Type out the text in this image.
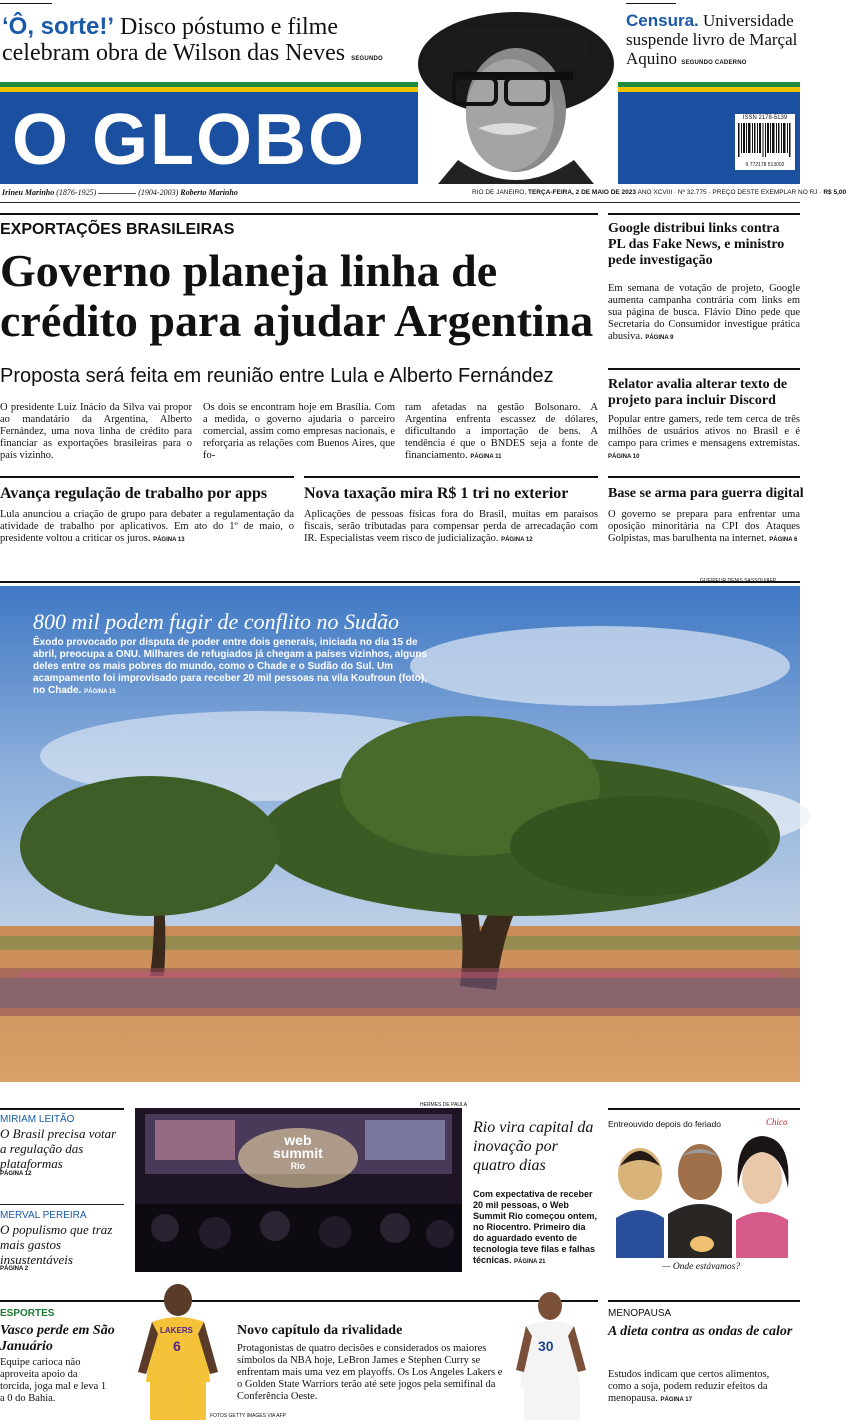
‘Ô, sorte!’ Disco póstumo e filme celebram obra de Wilson das Neves SEGUNDO
Censura. Universidade suspende livro de Marçal Aquino SEGUNDO CADERNO
O GLOBO	ISSN 2178-5139
9 772178 513002
Irineu Marinho (1876-1925)	(1904-2003) Roberto Marinho	RIO DE JANEIRO, TERÇA-FEIRA, 2 DE MAIO DE 2023 ANO XCVIII · Nº 32.775 · PREÇO DESTE EXEMPLAR NO RJ · R$ 5,00
EXPORTAÇÕES BRASILEIRAS
Governo planeja linha de
crédito para ajudar Argentina
Proposta será feita em reunião entre Lula e Alberto Fernández
O presidente Luiz Inácio da Silva vai propor ao mandatário da Argentina, Alberto Fernández, uma nova linha de crédito para financiar as exportações brasileiras para o país vizinho.
Os dois se encontram hoje em Brasília. Com a medida, o governo ajudaria o parceiro comercial, assim como empresas nacionais, e reforçaria as relações com Buenos Aires, que fo-
ram afetadas na gestão Bolsonaro. A Argentina enfrenta escassez de dólares, dificultando a importação de bens. A tendência é que o BNDES seja a fonte de financiamento. PÁGINA 11
Google distribui links contra PL das Fake News, e ministro pede investigação
Em semana de votação de projeto, Google aumenta campanha contrária com links em sua página de busca. Flávio Dino pede que Secretaria do Consumidor investigue prática abusiva. PÁGINA 9
Relator avalia alterar texto de projeto para incluir Discord
Popular entre gamers, rede tem cerca de três milhões de usuários ativos no Brasil e é campo para crimes e mensagens extremistas. PÁGINA 10
Avança regulação de trabalho por apps
Lula anunciou a criação de grupo para debater a regulamentação da atividade de trabalho por aplicativos. Em ato do 1º de maio, o presidente voltou a criticar os juros. PÁGINA 13
Nova taxação mira R$ 1 tri no exterior
Aplicações de pessoas físicas fora do Brasil, muitas em paraísos fiscais, serão tributadas para compensar perda de arrecadação com IR. Especialistas veem risco de judicialização. PÁGINA 12
Base se arma para guerra digital
O governo se prepara para enfrentar uma oposição minoritária na CPI dos Ataques Golpistas, mas barulhenta na internet. PÁGINA 6
GUEIPEUR DENIS SASSOU/AFP
800 mil podem fugir de conflito no Sudão
Êxodo provocado por disputa de poder entre dois generais, iniciada no dia 15 de abril, preocupa a ONU. Milhares de refugiados já chegam a países vizinhos, alguns deles entre os mais pobres do mundo, como o Chade e o Sudão do Sul. Um acampamento foi improvisado para receber 20 mil pessoas na vila Koufroun (foto), no Chade. PÁGINA 15
MIRIAM LEITÃO
O Brasil precisa votar a regulação das plataformas
PÁGINA 12
MERVAL PEREIRA
O populismo que traz mais gastos insustentáveis
PÁGINA 2
HERMES DE PAULA
web
summit
Rio
Rio vira capital da inovação por quatro dias
Com expectativa de receber 20 mil pessoas, o Web Summit Rio começou ontem, no Riocentro. Primeiro dia do aguardado evento de tecnologia teve filas e falhas técnicas. PÁGINA 21
Entreouvido depois do feriado	Chico
— Onde estávamos?
ESPORTES
Vasco perde em São Januário
Equipe carioca não aproveita apoio da torcida, joga mal e leva 1 a 0 do Bahia.
LAKERS
6
Novo capítulo da rivalidade
Protagonistas de quatro decisões e considerados os maiores símbolos da NBA hoje, LeBron James e Stephen Curry se enfrentam mais uma vez em playoffs. Os Los Angeles Lakers e o Golden State Warriors terão até sete jogos pela semifinal da Conferência Oeste.
FOTOS GETTY IMAGES VIA AFP
30
MENOPAUSA
A dieta contra as ondas de calor
Estudos indicam que certos alimentos, como a soja, podem reduzir efeitos da menopausa. PÁGINA 17
